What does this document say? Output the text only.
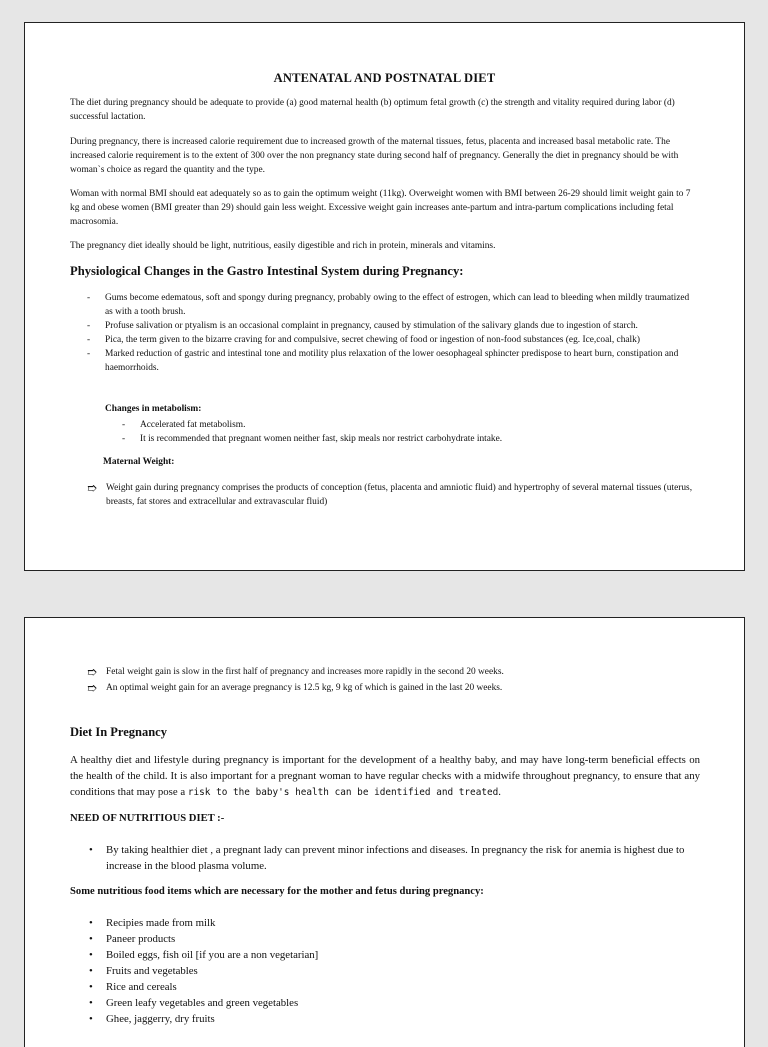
ANTENATAL AND POSTNATAL DIET

The diet during pregnancy should be adequate to provide (a) good maternal health (b) optimum fetal growth (c) the strength and vitality required during labor (d) successful lactation.

During pregnancy, there is increased calorie requirement due to increased growth of the maternal tissues, fetus, placenta and increased basal metabolic rate. The increased calorie requirement is to the extent of 300 over the non pregnancy state during second half of pregnancy. Generally the diet in pregnancy should be with woman`s choice as regard the quantity and the type.

Woman with normal BMI should eat adequately so as to gain the optimum weight (11kg). Overweight women with BMI between 26-29 should limit weight gain to 7 kg and obese women (BMI greater than 29) should gain less weight. Excessive weight gain increases ante-partum and intra-partum complications including fetal macrosomia.

The pregnancy diet ideally should be light, nutritious, easily digestible and rich in protein, minerals and vitamins.

Physiological Changes in the Gastro Intestinal System during Pregnancy:
- Gums become edematous, soft and spongy during pregnancy, probably owing to the effect of estrogen, which can lead to bleeding when mildly traumatized as with a tooth brush.
- Profuse salivation or ptyalism is an occasional complaint in pregnancy, caused by stimulation of the salivary glands due to ingestion of starch.
- Pica, the term given to the bizarre craving for and compulsive, secret chewing of food or ingestion of non-food substances (eg. Ice,coal, chalk)
- Marked reduction of gastric and intestinal tone and motility plus relaxation of the lower oesophageal sphincter predispose to heart burn, constipation and haemorrhoids.
Changes in metabolism:
- Accelerated fat metabolism.
- It is recommended that pregnant women neither fast, skip meals nor restrict carbohydrate intake.
Maternal Weight:
➱ Weight gain during pregnancy comprises the products of conception (fetus, placenta and amniotic fluid) and hypertrophy of several maternal tissues (uterus, breasts, fat stores and extracellular and extravascular fluid)
➱ Fetal weight gain is slow in the first half of pregnancy and increases more rapidly in the second 20 weeks.
➱ An optimal weight gain for an average pregnancy is 12.5 kg, 9 kg of which is gained in the last 20 weeks.
Diet In Pregnancy

A healthy diet and lifestyle during pregnancy is important for the development of a healthy baby, and may have long-term beneficial effects on the health of the child. It is also important for a pregnant woman to have regular checks with a midwife throughout pregnancy, to ensure that any conditions that may pose a risk to the baby's health can be identified and treated.

NEED OF NUTRITIOUS DIET :-
• By taking healthier diet , a pregnant lady can prevent minor infections and diseases. In pregnancy the risk for anemia is highest due to increase in the blood plasma volume.
Some nutritious food items which are necessary for the mother and fetus during pregnancy:
• Recipies made from milk
• Paneer products
• Boiled eggs, fish oil [if you are a non vegetarian]
• Fruits and vegetables
• Rice and cereals
• Green leafy vegetables and green vegetables
• Ghee, jaggerry, dry fruits
